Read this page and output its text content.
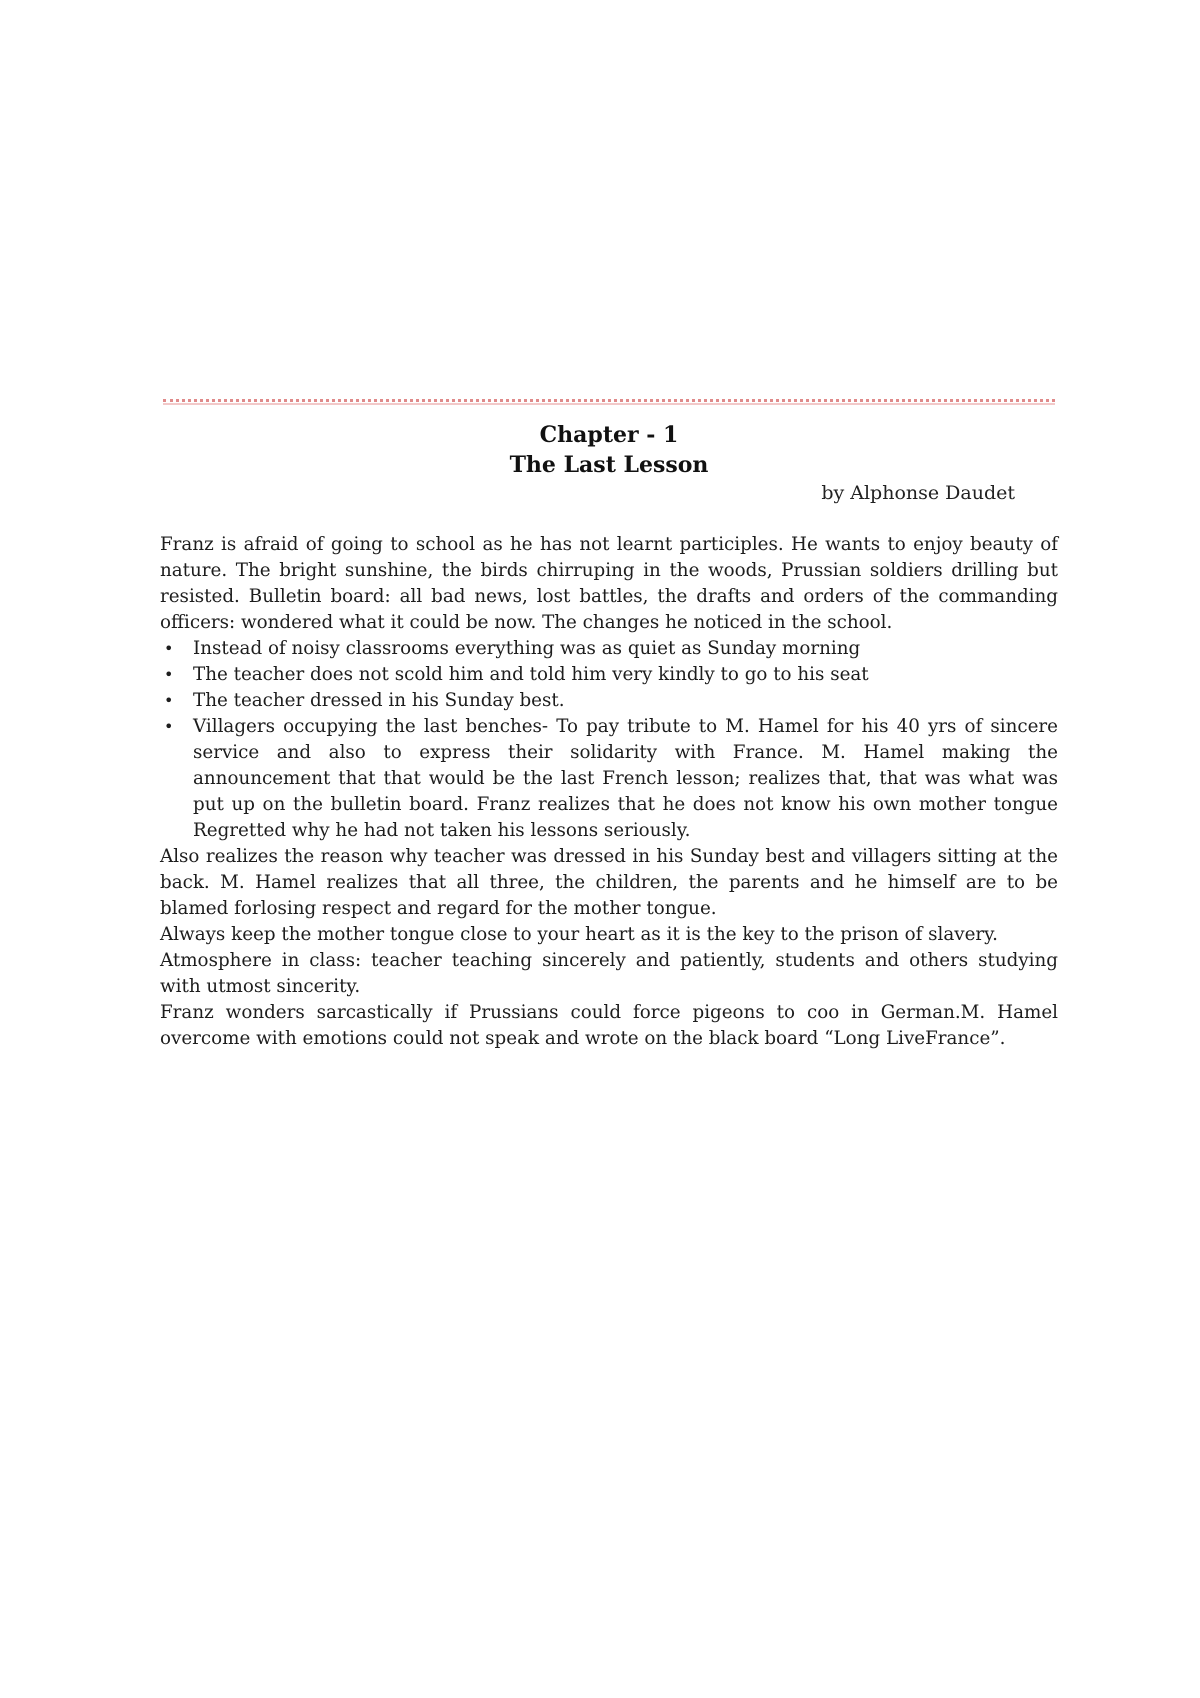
Chapter - 1
The Last Lesson
by Alphonse Daudet

Franz is afraid of going to school as he has not learnt participles. He wants to enjoy beauty of nature. The bright sunshine, the birds chirruping in the woods, Prussian soldiers drilling but resisted. Bulletin board: all bad news, lost battles, the drafts and orders of the commanding officers: wondered what it could be now. The changes he noticed in the school.

• Instead of noisy classrooms everything was as quiet as Sunday morning
• The teacher does not scold him and told him very kindly to go to his seat
• The teacher dressed in his Sunday best.
• Villagers occupying the last benches- To pay tribute to M. Hamel for his 40 yrs of sincere service and also to express their solidarity with France. M. Hamel making the announcement that that would be the last French lesson; realizes that, that was what was put up on the bulletin board. Franz realizes that he does not know his own mother tongue Regretted why he had not taken his lessons seriously.

Also realizes the reason why teacher was dressed in his Sunday best and villagers sitting at the back. M. Hamel realizes that all three, the children, the parents and he himself are to be blamed forlosing respect and regard for the mother tongue.

Always keep the mother tongue close to your heart as it is the key to the prison of slavery.

Atmosphere in class: teacher teaching sincerely and patiently, students and others studying with utmost sincerity.

Franz wonders sarcastically if Prussians could force pigeons to coo in German.M. Hamel overcome with emotions could not speak and wrote on the black board “Long LiveFrance”.
